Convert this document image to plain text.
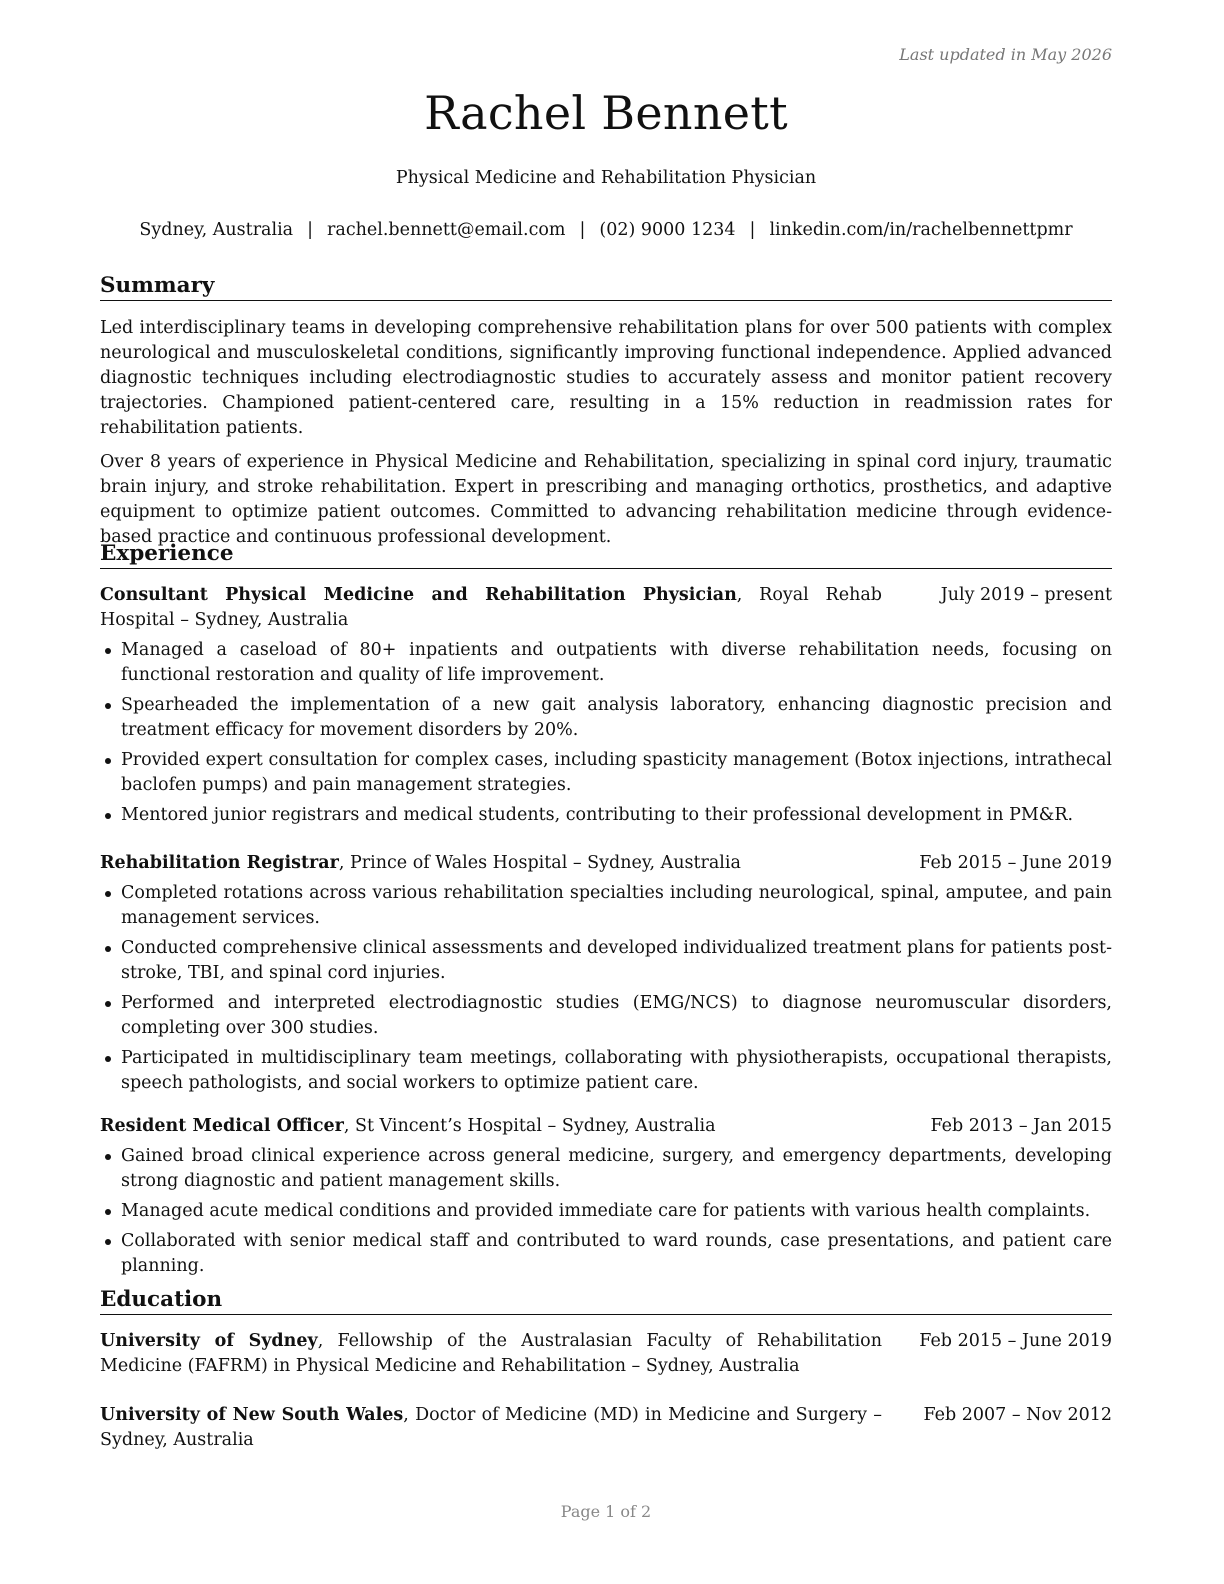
Last updated in May 2026

Rachel Bennett

Physical Medicine and Rehabilitation Physician

Sydney, Australia | rachel.bennett@email.com | (02) 9000 1234 | linkedin.com/in/rachelbennettpmr

Summary

Led interdisciplinary teams in developing comprehensive rehabilitation plans for over 500 patients with complex neurological and musculoskeletal conditions, significantly improving functional independence. Applied advanced diagnostic techniques including electrodiagnostic studies to accurately assess and monitor patient recovery trajectories. Championed patient-centered care, resulting in a 15% reduction in readmission rates for rehabilitation patients.

Over 8 years of experience in Physical Medicine and Rehabilitation, specializing in spinal cord injury, traumatic brain injury, and stroke rehabilitation. Expert in prescribing and managing orthotics, prosthetics, and adaptive equipment to optimize patient outcomes. Committed to advancing rehabilitation medicine through evidence-based practice and continuous professional development.

Experience
Consultant Physical Medicine and Rehabilitation Physician, Royal Rehab Hospital – Sydney, Australia
July 2019 – present
Managed a caseload of 80+ inpatients and outpatients with diverse rehabilitation needs, focusing on functional restoration and quality of life improvement.
Spearheaded the implementation of a new gait analysis laboratory, enhancing diagnostic precision and treatment efficacy for movement disorders by 20%.
Provided expert consultation for complex cases, including spasticity management (Botox injections, intrathecal baclofen pumps) and pain management strategies.
Mentored junior registrars and medical students, contributing to their professional development in PM&R.
Rehabilitation Registrar, Prince of Wales Hospital – Sydney, Australia	Feb 2015 – June 2019
Completed rotations across various rehabilitation specialties including neurological, spinal, amputee, and pain management services.
Conducted comprehensive clinical assessments and developed individualized treatment plans for patients post-stroke, TBI, and spinal cord injuries.
Performed and interpreted electrodiagnostic studies (EMG/NCS) to diagnose neuromuscular disorders, completing over 300 studies.
Participated in multidisciplinary team meetings, collaborating with physiotherapists, occupational therapists, speech pathologists, and social workers to optimize patient care.
Resident Medical Officer, St Vincent’s Hospital – Sydney, Australia	Feb 2013 – Jan 2015
Gained broad clinical experience across general medicine, surgery, and emergency departments, developing strong diagnostic and patient management skills.
Managed acute medical conditions and provided immediate care for patients with various health complaints.
Collaborated with senior medical staff and contributed to ward rounds, case presentations, and patient care planning.
Education
University of Sydney, Fellowship of the Australasian Faculty of Rehabilitation Medicine (FAFRM) in Physical Medicine and Rehabilitation – Sydney, Australia
Feb 2015 – June 2019
University of New South Wales, Doctor of Medicine (MD) in Medicine and Surgery – Sydney, Australia
Feb 2007 – Nov 2012

Page 1 of 2
